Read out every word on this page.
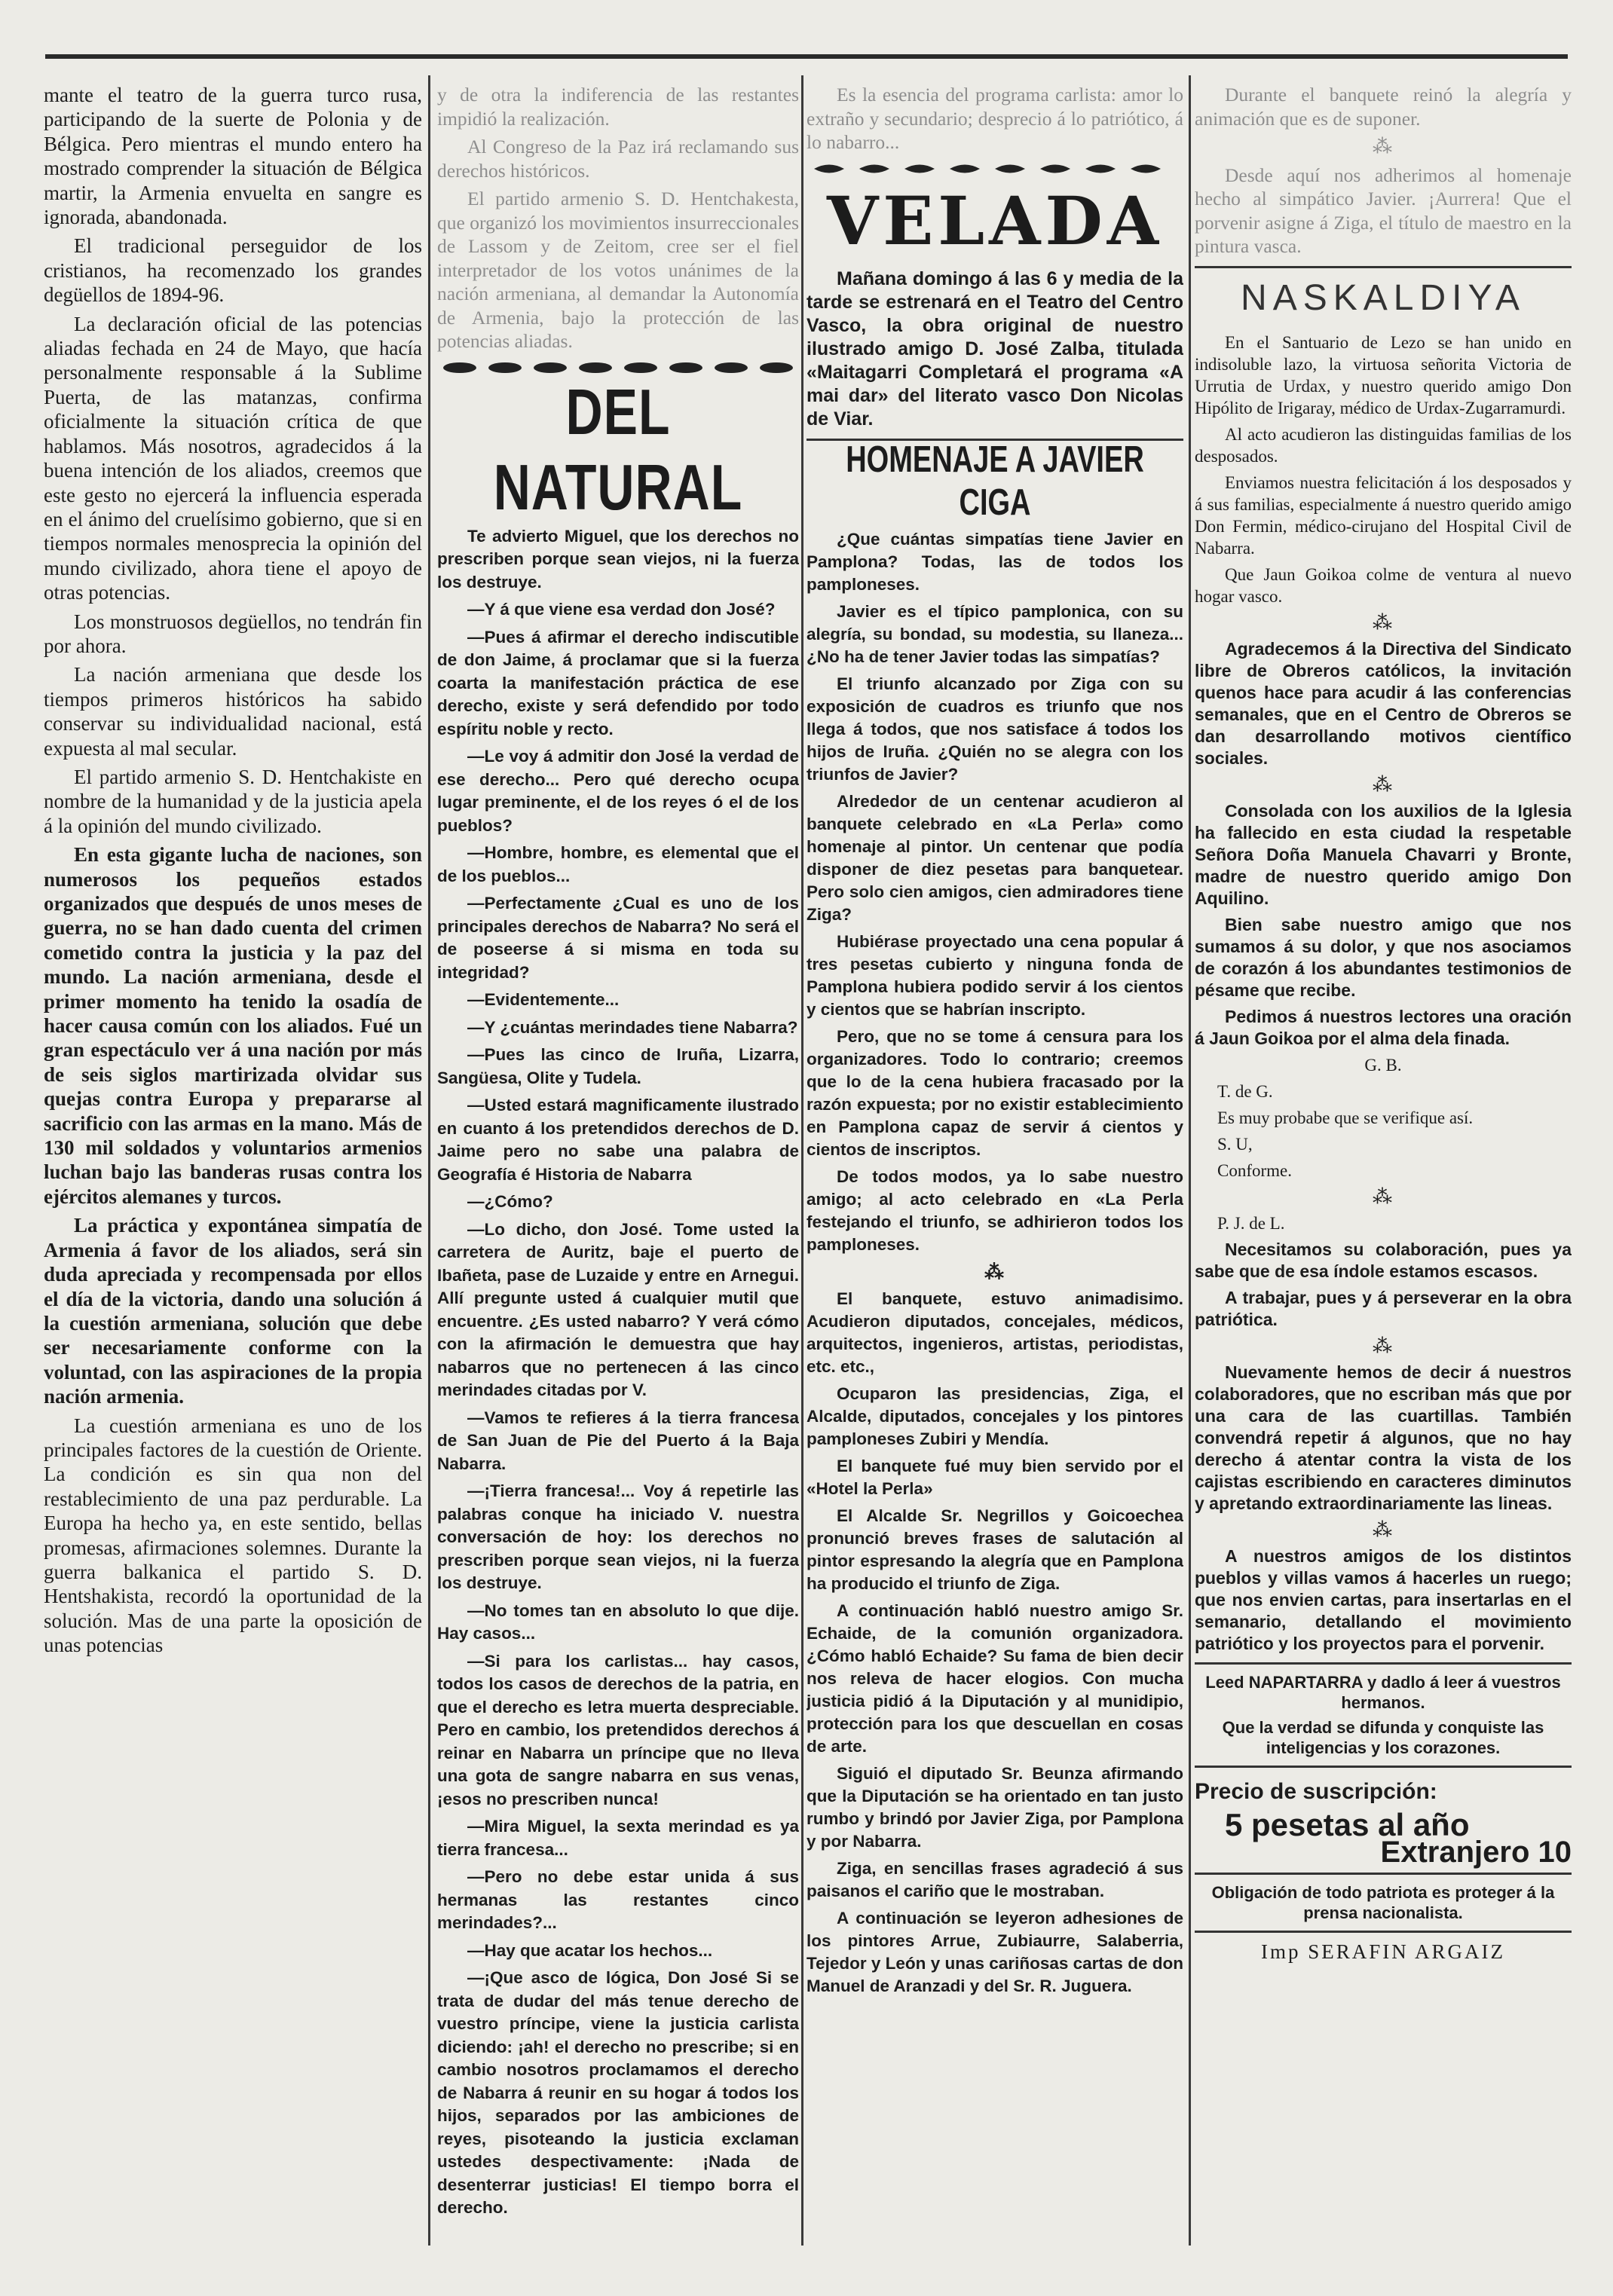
mante el teatro de la guerra turco rusa, participando de la suerte de Polonia y de Bélgica. Pero mientras el mundo entero ha mostrado comprender la situación de Bélgica martir, la Armenia envuelta en sangre es ignorada, abandonada.

El tradicional perseguidor de los cristianos, ha recomenzado los grandes degüellos de 1894-96.

La declaración oficial de las potencias aliadas fechada en 24 de Mayo, que hacía personalmente responsable á la Sublime Puerta, de las matanzas, confirma oficialmente la situación crítica de que hablamos. Más nosotros, agradecidos á la buena intención de los aliados, creemos que este gesto no ejercerá la influencia esperada en el ánimo del cruelísimo gobierno, que si en tiempos normales menosprecia la opinión del mundo civilizado, ahora tiene el apoyo de otras potencias.

Los monstruosos degüellos, no tendrán fin por ahora.

La nación armeniana que desde los tiempos primeros históricos ha sabido conservar su individualidad nacional, está expuesta al mal secular.

El partido armenio S. D. Hentchakiste en nombre de la humanidad y de la justicia apela á la opinión del mundo civilizado.

En esta gigante lucha de naciones, son numerosos los pequeños estados organizados que después de unos meses de guerra, no se han dado cuenta del crimen cometido contra la justicia y la paz del mundo. La nación armeniana, desde el primer momento ha tenido la osadía de hacer causa común con los aliados. Fué un gran espectáculo ver á una nación por más de seis siglos martirizada olvidar sus quejas contra Europa y prepararse al sacrificio con las armas en la mano. Más de 130 mil soldados y voluntarios armenios luchan bajo las banderas rusas contra los ejércitos alemanes y turcos.

La práctica y expontánea simpatía de Armenia á favor de los aliados, será sin duda apreciada y recompensada por ellos el día de la victoria, dando una solución á la cuestión armeniana, solución que debe ser necesariamente conforme con la voluntad, con las aspiraciones de la propia nación armenia.

La cuestión armeniana es uno de los principales factores de la cuestión de Oriente. La condición es sin qua non del restablecimiento de una paz perdurable. La Europa ha hecho ya, en este sentido, bellas promesas, afirmaciones solemnes. Durante la guerra balkanica el partido S. D. Hentshakista, recordó la oportunidad de la solución. Mas de una parte la oposición de unas potencias

y de otra la indiferencia de las restantes impidió la realización.

Al Congreso de la Paz irá reclamando sus derechos históricos.

El partido armenio S. D. Hentchakesta, que organizó los movimientos insurreccionales de Lassom y de Zeitom, cree ser el fiel interpretador de los votos unánimes de la nación armeniana, al demandar la Autonomía de Armenia, bajo la protección de las potencias aliadas.

DEL NATURAL

Te advierto Miguel, que los derechos no prescriben porque sean viejos, ni la fuerza los destruye.

—Y á que viene esa verdad don José?

—Pues á afirmar el derecho indiscutible de don Jaime, á proclamar que si la fuerza coarta la manifestación práctica de ese derecho, existe y será defendido por todo espíritu noble y recto.

—Le voy á admitir don José la verdad de ese derecho... Pero qué derecho ocupa lugar preminente, el de los reyes ó el de los pueblos?

—Hombre, hombre, es elemental que el de los pueblos...

—Perfectamente ¿Cual es uno de los principales derechos de Nabarra? No será el de poseerse á si misma en toda su integridad?

—Evidentemente...

—Y ¿cuántas merindades tiene Nabarra?

—Pues las cinco de Iruña, Lizarra, Sangüesa, Olite y Tudela.

—Usted estará magnificamente ilustrado en cuanto á los pretendidos derechos de D. Jaime pero no sabe una palabra de Geografía é Historia de Nabarra

—¿Cómo?

—Lo dicho, don José. Tome usted la carretera de Auritz, baje el puerto de Ibañeta, pase de Luzaide y entre en Arnegui. Allí pregunte usted á cualquier mutil que encuentre. ¿Es usted nabarro? Y verá cómo con la afirmación le demuestra que hay nabarros que no pertenecen á las cinco merindades citadas por V.

—Vamos te refieres á la tierra francesa de San Juan de Pie del Puerto á la Baja Nabarra.

—¡Tierra francesa!... Voy á repetirle las palabras conque ha iniciado V. nuestra conversación de hoy: los derechos no prescriben porque sean viejos, ni la fuerza los destruye.

—No tomes tan en absoluto lo que dije. Hay casos...

—Si para los carlistas... hay casos, todos los casos de derechos de la patria, en que el derecho es letra muerta despreciable. Pero en cambio, los pretendidos derechos á reinar en Nabarra un príncipe que no lleva una gota de sangre nabarra en sus venas, ¡esos no prescriben nunca!

—Mira Miguel, la sexta merindad es ya tierra francesa...

—Pero no debe estar unida á sus hermanas las restantes cinco merindades?...

—Hay que acatar los hechos...

—¡Que asco de lógica, Don José Si se trata de dudar del más tenue derecho de vuestro príncipe, viene la justicia carlista diciendo: ¡ah! el derecho no prescribe; si en cambio nosotros proclamamos el derecho de Nabarra á reunir en su hogar á todos los hijos, separados por las ambiciones de reyes, pisoteando la justicia exclaman ustedes despectivamente: ¡Nada de desenterrar justicias! El tiempo borra el derecho.

Es la esencia del programa carlista: amor lo extraño y secundario; desprecio á lo patriótico, á lo nabarro...

VELADA

Mañana domingo á las 6 y media de la tarde se estrenará en el Teatro del Centro Vasco, la obra original de nuestro ilustrado amigo D. José Zalba, titulada «Maitagarri Completará el programa «A mai dar» del literato vasco Don Nicolas de Viar.

HOMENAJE A JAVIER CIGA

¿Que cuántas simpatías tiene Javier en Pamplona? Todas, las de todos los pamploneses.

Javier es el típico pamplonica, con su alegría, su bondad, su modestia, su llaneza... ¿No ha de tener Javier todas las simpatías?

El triunfo alcanzado por Ziga con su exposición de cuadros es triunfo que nos llega á todos, que nos satisface á todos los hijos de Iruña. ¿Quién no se alegra con los triunfos de Javier?

Alrededor de un centenar acudieron al banquete celebrado en «La Perla» como homenaje al pintor. Un centenar que podía disponer de diez pesetas para banquetear. Pero solo cien amigos, cien admiradores tiene Ziga?

Hubiérase proyectado una cena popular á tres pesetas cubierto y ninguna fonda de Pamplona hubiera podido servir á los cientos y cientos que se habrían inscripto.

Pero, que no se tome á censura para los organizadores. Todo lo contrario; creemos que lo de la cena hubiera fracasado por la razón expuesta; por no existir establecimiento en Pamplona capaz de servir á cientos y cientos de inscriptos.

De todos modos, ya lo sabe nuestro amigo; al acto celebrado en «La Perla festejando el triunfo, se adhirieron todos los pamploneses.

⁂

El banquete, estuvo animadisimo. Acudieron diputados, concejales, médicos, arquitectos, ingenieros, artistas, periodistas, etc. etc.,

Ocuparon las presidencias, Ziga, el Alcalde, diputados, concejales y los pintores pamploneses Zubiri y Mendía.

El banquete fué muy bien servido por el «Hotel la Perla»

El Alcalde Sr. Negrillos y Goicoechea pronunció breves frases de salutación al pintor espresando la alegría que en Pamplona ha producido el triunfo de Ziga.

A continuación habló nuestro amigo Sr. Echaide, de la comunión organizadora. ¿Cómo habló Echaide? Su fama de bien decir nos releva de hacer elogios. Con mucha justicia pidió á la Diputación y al munidipio, protección para los que descuellan en cosas de arte.

Siguió el diputado Sr. Beunza afirmando que la Diputación se ha orientado en tan justo rumbo y brindó por Javier Ziga, por Pamplona y por Nabarra.

Ziga, en sencillas frases agradeció á sus paisanos el cariño que le mostraban.

A continuación se leyeron adhesiones de los pintores Arrue, Zubiaurre, Salaberria, Tejedor y León y unas cariñosas cartas de don Manuel de Aranzadi y del Sr. R. Juguera.

Durante el banquete reinó la alegría y animación que es de suponer.

⁂

Desde aquí nos adherimos al homenaje hecho al simpático Javier. ¡Aurrera! Que el porvenir asigne á Ziga, el título de maestro en la pintura vasca.

NASKALDIYA

En el Santuario de Lezo se han unido en indisoluble lazo, la virtuosa señorita Victoria de Urrutia de Urdax, y nuestro querido amigo Don Hipólito de Irigaray, médico de Urdax-Zugarramurdi.

Al acto acudieron las distinguidas familias de los desposados.

Enviamos nuestra felicitación á los desposados y á sus familias, especialmente á nuestro querido amigo Don Fermin, médico-cirujano del Hospital Civil de Nabarra.

Que Jaun Goikoa colme de ventura al nuevo hogar vasco.

⁂

Agradecemos á la Directiva del Sindicato libre de Obreros católicos, la invitación quenos hace para acudir á las conferencias semanales, que en el Centro de Obreros se dan desarrollando motivos científico sociales.

⁂

Consolada con los auxilios de la Iglesia ha fallecido en esta ciudad la respetable Señora Doña Manuela Chavarri y Bronte, madre de nuestro querido amigo Don Aquilino.

Bien sabe nuestro amigo que nos sumamos á su dolor, y que nos asociamos de corazón á los abundantes testimonios de pésame que recibe.

Pedimos á nuestros lectores una oración á Jaun Goikoa por el alma dela finada.

G. B.

T. de G.

Es muy probabe que se verifique así.

S. U,

Conforme.

⁂

P. J. de L.

Necesitamos su colaboración, pues ya sabe que de esa índole estamos escasos.

A trabajar, pues y á perseverar en la obra patriótica.

⁂

Nuevamente hemos de decir á nuestros colaboradores, que no escriban más que por una cara de las cuartillas. También convendrá repetir á algunos, que no hay derecho á atentar contra la vista de los cajistas escribiendo en caracteres diminutos y apretando extraordinariamente las lineas.

⁂

A nuestros amigos de los distintos pueblos y villas vamos á hacerles un ruego; que nos envien cartas, para insertarlas en el semanario, detallando el movimiento patriótico y los proyectos para el porvenir.

Leed NAPARTARRA y dadlo á leer á vuestros hermanos.

Que la verdad se difunda y conquiste las inteligencias y los corazones.

Precio de suscripción:

5 pesetas al año

Extranjero 10

Obligación de todo patriota es proteger á la prensa nacionalista.

Imp SERAFIN ARGAIZ
